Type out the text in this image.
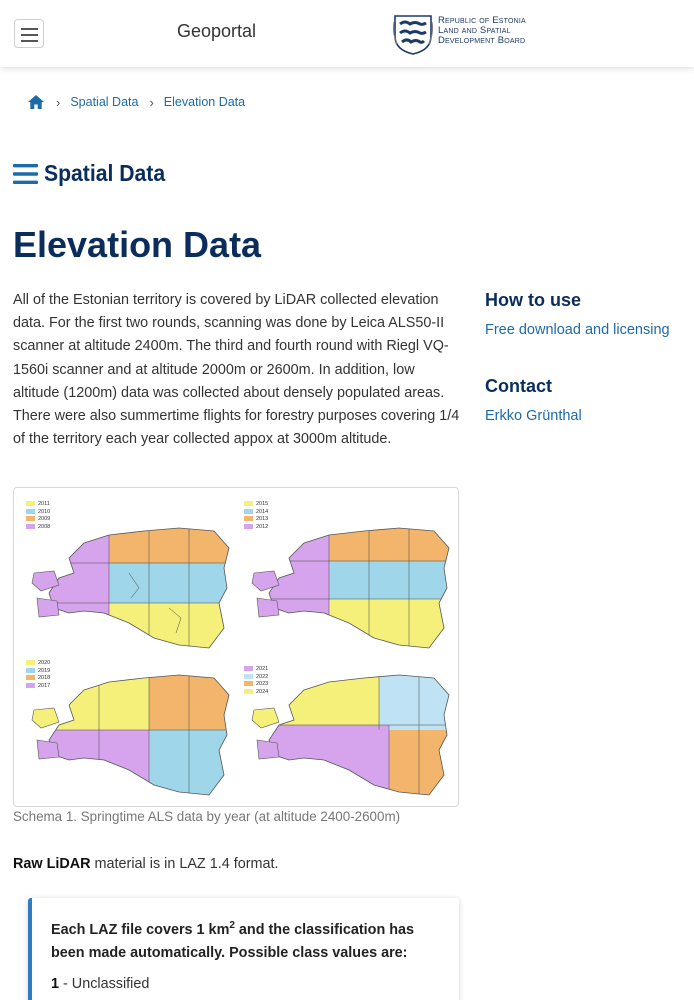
Geoportal
Republic of Estonia
Land and Spatial
Development Board
› Spatial Data › Elevation Data
Spatial Data
Elevation Data

All of the Estonian territory is covered by LiDAR collected elevation data. For the first two rounds, scanning was done by Leica ALS50-II scanner at altitude 2400m. The third and fourth round with Riegl VQ-1560i scanner and at altitude 2000m or 2600m. In addition, low altitude (1200m) data was collected about densely populated areas. There were also summertime flights for forestry purposes covering 1/4 of the territory each year collected appox at 3000m altitude.

How to use
Free download and licensing
Contact
Erkko Grünthal
2011
2010
2009
2008
2015
2014
2013
2012
2020
2019
2018
2017
2021
2022
2023
2024
Schema 1. Springtime ALS data by year (at altitude 2400-2600m)

Raw LiDAR material is in LAZ 1.4 format.

Each LAZ file covers 1 $km^2$ and the classification has been made automatically. Possible class values are:
1 - Unclassified
